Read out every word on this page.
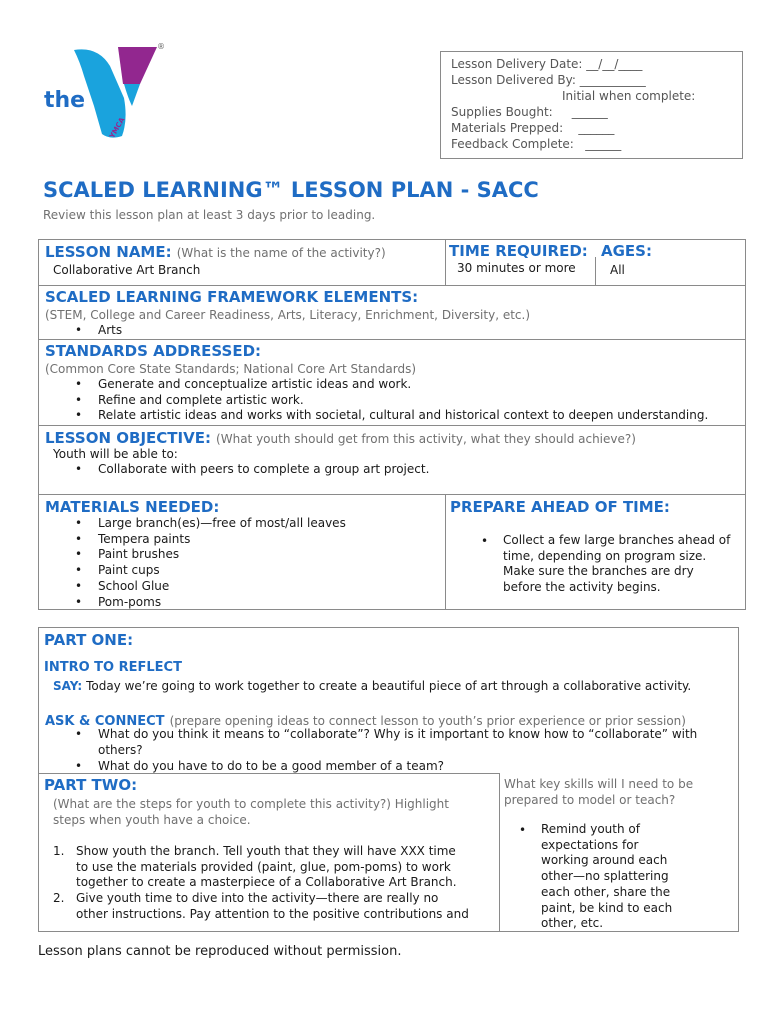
the
®
YMCA
Lesson Delivery Date: __/__/____
Lesson Delivered By: ___________
Initial when complete:
Supplies Bought:     ______
Materials Prepped:    ______
Feedback Complete:   ______
SCALED LEARNING™ LESSON PLAN - SACC
Review this lesson plan at least 3 days prior to leading.
LESSON NAME: (What is the name of the activity?)
Collaborative Art Branch
TIME REQUIRED:
30 minutes or more
AGES:
All
SCALED LEARNING FRAMEWORK ELEMENTS:
(STEM, College and Career Readiness, Arts, Literacy, Enrichment, Diversity, etc.)
• Arts
STANDARDS ADDRESSED:
(Common Core State Standards; National Core Art Standards)
• Generate and conceptualize artistic ideas and work.
• Refine and complete artistic work.
• Relate artistic ideas and works with societal, cultural and historical context to deepen understanding.
LESSON OBJECTIVE: (What youth should get from this activity, what they should achieve?)
Youth will be able to:
• Collaborate with peers to complete a group art project.
MATERIALS NEEDED:
• Large branch(es)—free of most/all leaves
• Tempera paints
• Paint brushes
• Paint cups
• School Glue
• Pom-poms
PREPARE AHEAD OF TIME:
• Collect a few large branches ahead of
time, depending on program size.
Make sure the branches are dry
before the activity begins.
PART ONE:
INTRO TO REFLECT
SAY: Today we’re going to work together to create a beautiful piece of art through a collaborative activity.
ASK & CONNECT (prepare opening ideas to connect lesson to youth’s prior experience or prior session)
• What do you think it means to “collaborate”? Why is it important to know how to “collaborate” with
others?
• What do you have to do to be a good member of a team?
PART TWO:
(What are the steps for youth to complete this activity?) Highlight
steps when youth have a choice.
1. Show youth the branch. Tell youth that they will have XXX time
to use the materials provided (paint, glue, pom-poms) to work
together to create a masterpiece of a Collaborative Art Branch.
2. Give youth time to dive into the activity—there are really no
other instructions. Pay attention to the positive contributions and
What key skills will I need to be
prepared to model or teach?
• Remind youth of
expectations for
working around each
other—no splattering
each other, share the
paint, be kind to each
other, etc.
Lesson plans cannot be reproduced without permission.
